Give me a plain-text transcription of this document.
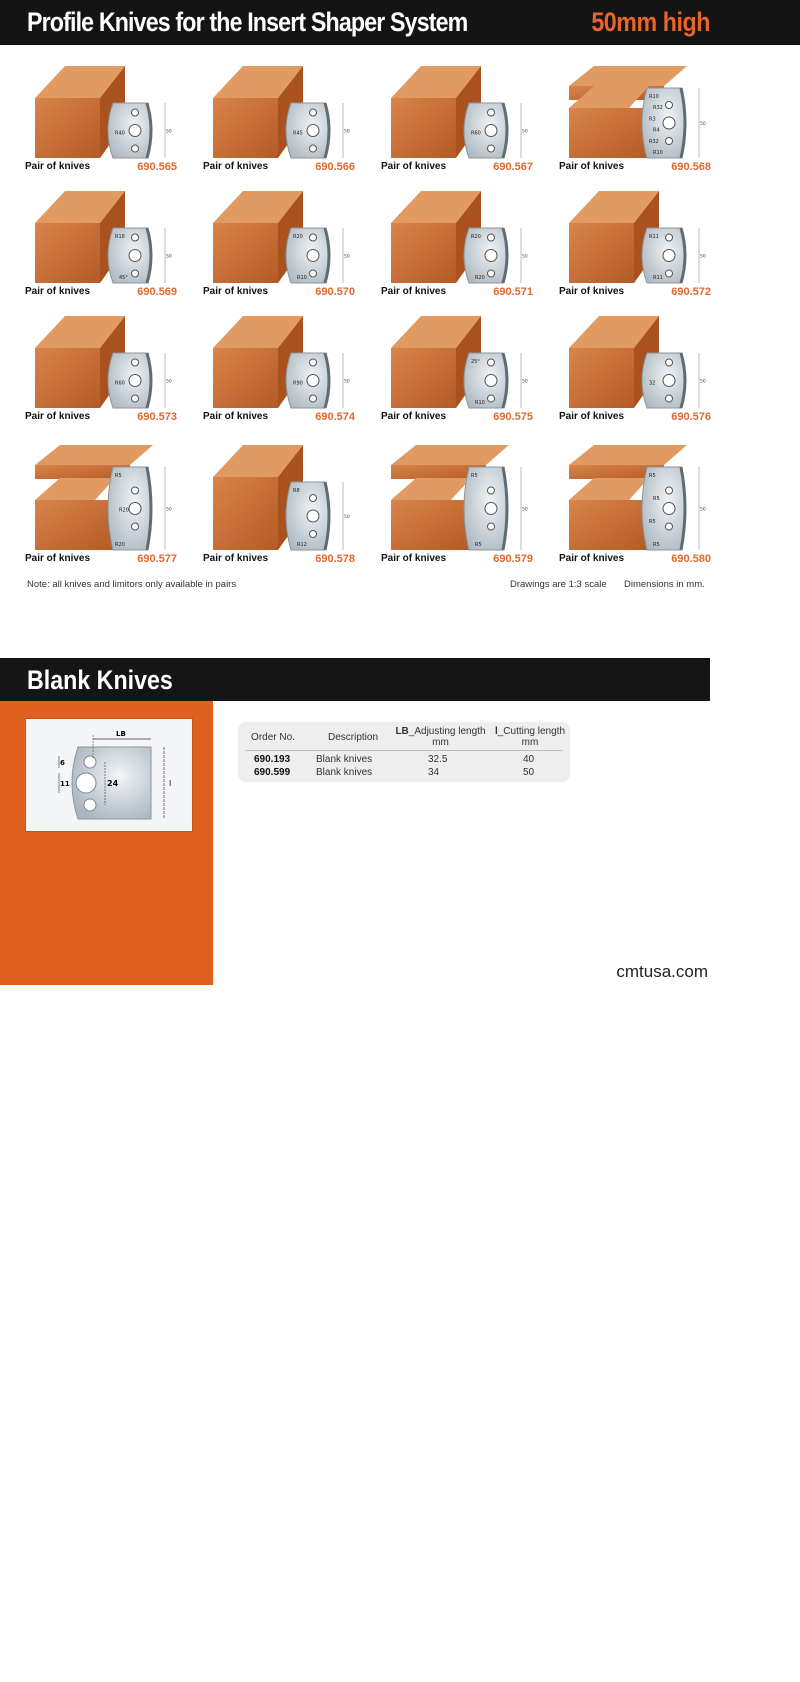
Profile Knives for the Insert Shaper System	50mm high
50
R40
Pair of knives	690.565
50
R45
Pair of knives	690.566
50
R60
Pair of knives	690.567
50
R10
R32
R3
R4
R32
R10
Pair of knives	690.568
50
R18
45°
Pair of knives	690.569
50
R20
R10
Pair of knives	690.570
50
R20
R20
Pair of knives	690.571
50
R11
R11
Pair of knives	690.572
50
R60
Pair of knives	690.573
50
R90
Pair of knives	690.574
50
25°
R10
Pair of knives	690.575
50
32
Pair of knives	690.576
50
R5
R20
R20
Pair of knives	690.577
50
R8
R12
Pair of knives	690.578
50
R5
R5
Pair of knives	690.579
50
R5
R5
R5
R5
Pair of knives	690.580
Note: all knives and limitors only available in pairs	Drawings are 1:3 scale Dimensions in mm.
Blank Knives
LB
l
6
11	24
122
Order No.	Description
LB_Adjusting length
mm
l_Cutting length
mm
690.193	Blank knives	32.5	40
690.599	Blank knives	34	50
cmtusa.com
